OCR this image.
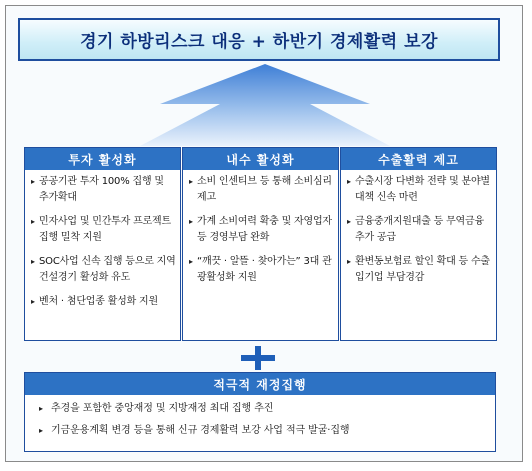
경기 하방리스크 대응 + 하반기 경제활력 보강
투자 활성화
▸ 공공기관 투자 100% 집행 및 추가확대
▸ 민자사업 및 민간투자 프로젝트 집행 밀착 지원
▸ SOC사업 신속 집행 등으로 지역 건설경기 활성화 유도
▸ 벤처 · 첨단업종 활성화 지원
내수 활성화
▸ 소비 인센티브 등 통해 소비심리 제고
▸ 가계 소비여력 확충 및 자영업자 등 경영부담 완화
▸ “깨끗 · 알뜰 · 찾아가는” 3대 관광활성화 지원
수출활력 제고
▸ 수출시장 다변화 전략 및 분야별 대책 신속 마련
▸ 금융중개지원대출 등 무역금융 추가 공급
▸ 환변동보험료 할인 확대 등 수출입기업 부담경감
적극적 재정집행
▸ 추경을 포함한 중앙재정 및 지방재정 최대 집행 추진
▸ 기금운용계획 변경 등을 통해 신규 경제활력 보강 사업 적극 발굴·집행
